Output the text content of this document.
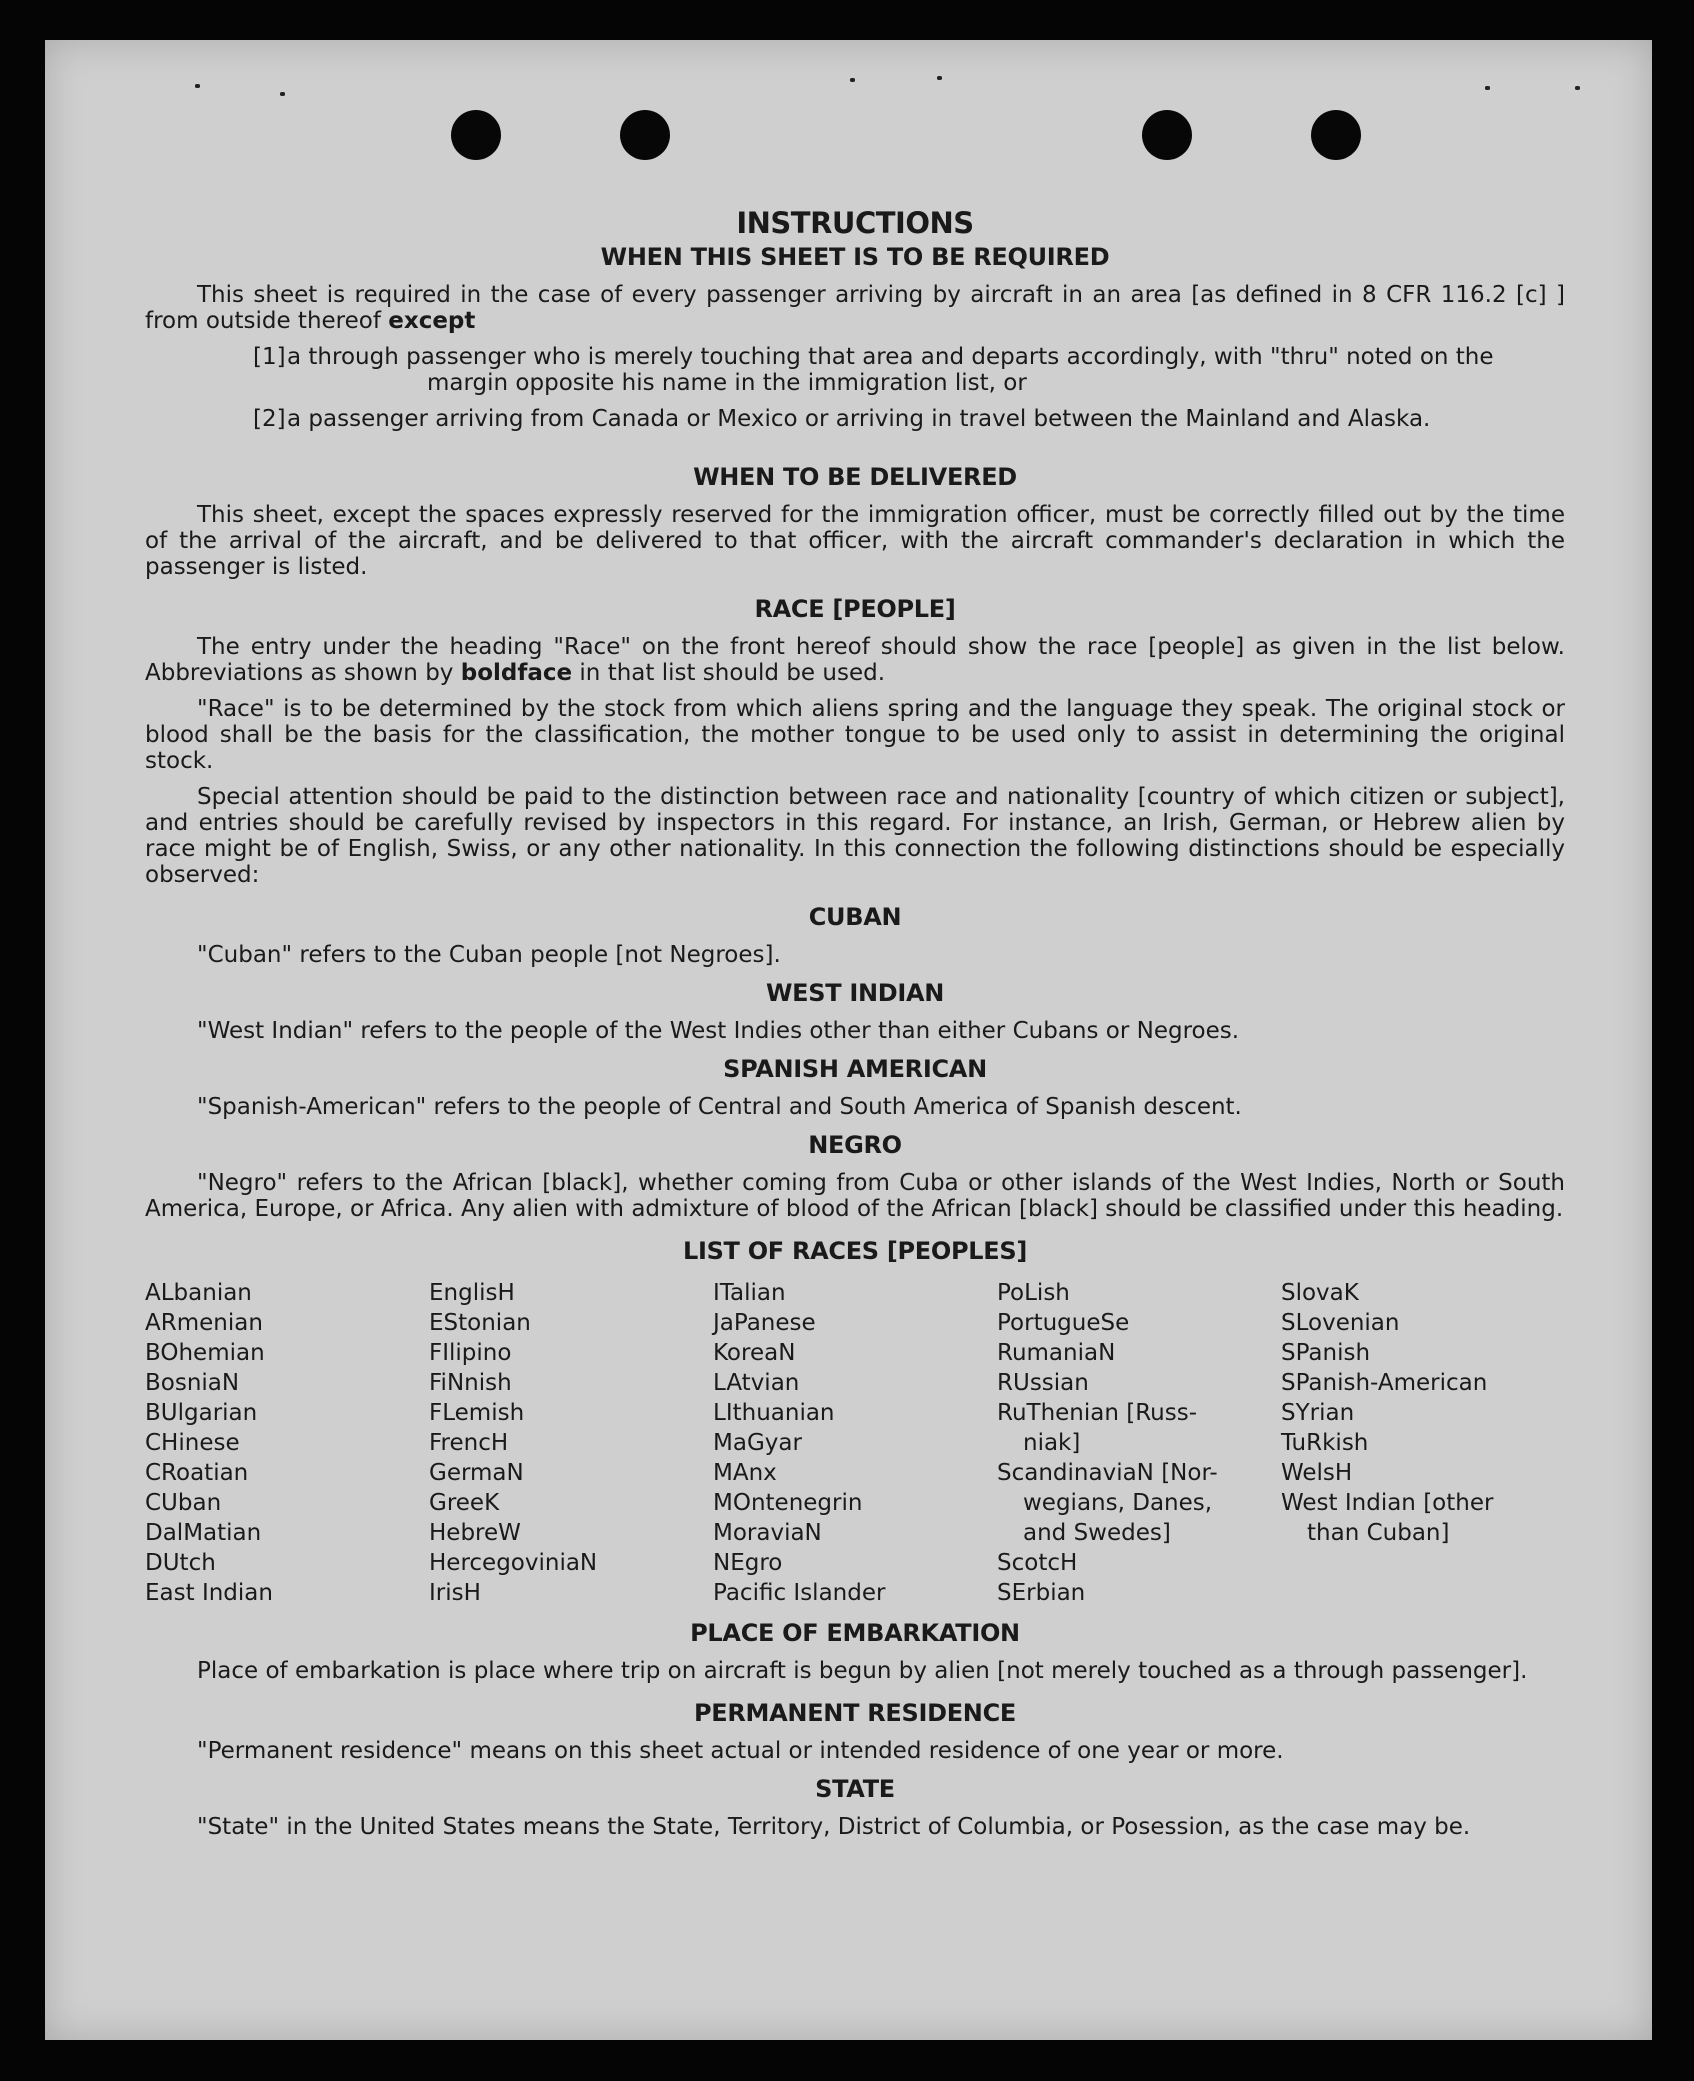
INSTRUCTIONS
WHEN THIS SHEET IS TO BE REQUIRED

This sheet is required in the case of every passenger arriving by aircraft in an area [as defined in 8 CFR 116.2 [c] ] from outside thereof except

[1]a through passenger who is merely touching that area and departs accordingly, with "thru" noted on the
margin opposite his name in the immigration list, or
[2]a passenger arriving from Canada or Mexico or arriving in travel between the Mainland and Alaska.
WHEN TO BE DELIVERED

This sheet, except the spaces expressly reserved for the immigration officer, must be correctly filled out by the time of the arrival of the aircraft, and be delivered to that officer, with the aircraft commander's declaration in which the passenger is listed.

RACE [PEOPLE]

The entry under the heading "Race" on the front hereof should show the race [people] as given in the list below. Abbreviations as shown by boldface in that list should be used.

"Race" is to be determined by the stock from which aliens spring and the language they speak. The original stock or blood shall be the basis for the classification, the mother tongue to be used only to assist in determining the original stock.

Special attention should be paid to the distinction between race and nationality [country of which citizen or subject], and entries should be carefully revised by inspectors in this regard. For instance, an Irish, German, or Hebrew alien by race might be of English, Swiss, or any other nationality. In this connection the following distinctions should be especially observed:

CUBAN

"Cuban" refers to the Cuban people [not Negroes].

WEST INDIAN

"West Indian" refers to the people of the West Indies other than either Cubans or Negroes.

SPANISH AMERICAN

"Spanish-American" refers to the people of Central and South America of Spanish descent.

NEGRO

"Negro" refers to the African [black], whether coming from Cuba or other islands of the West Indies, North or South America, Europe, or Africa. Any alien with admixture of blood of the African [black] should be classified under this heading.

LIST OF RACES [PEOPLES]
ALbanian
ARmenian
BOhemian
BosniaN
BUlgarian
CHinese
CRoatian
CUban
DalMatian
DUtch
East Indian
EnglisH
EStonian
FIlipino
FiNnish
FLemish
FrencH
GermaN
GreeK
HebreW
HercegoviniaN
IrisH
ITalian
JaPanese
KoreaN
LAtvian
LIthuanian
MaGyar
MAnx
MOntenegrin
MoraviaN
NEgro
Pacific Islander
PoLish
PortugueSe
RumaniaN
RUssian
RuThenian [Russ-
niak]
ScandinaviaN [Nor-
wegians, Danes,
and Swedes]
ScotcH
SErbian
SlovaK
SLovenian
SPanish
SPanish-American
SYrian
TuRkish
WelsH
West Indian [other
than Cuban]
PLACE OF EMBARKATION

Place of embarkation is place where trip on aircraft is begun by alien [not merely touched as a through passenger].

PERMANENT RESIDENCE

"Permanent residence" means on this sheet actual or intended residence of one year or more.

STATE

"State" in the United States means the State, Territory, District of Columbia, or Posession, as the case may be.
